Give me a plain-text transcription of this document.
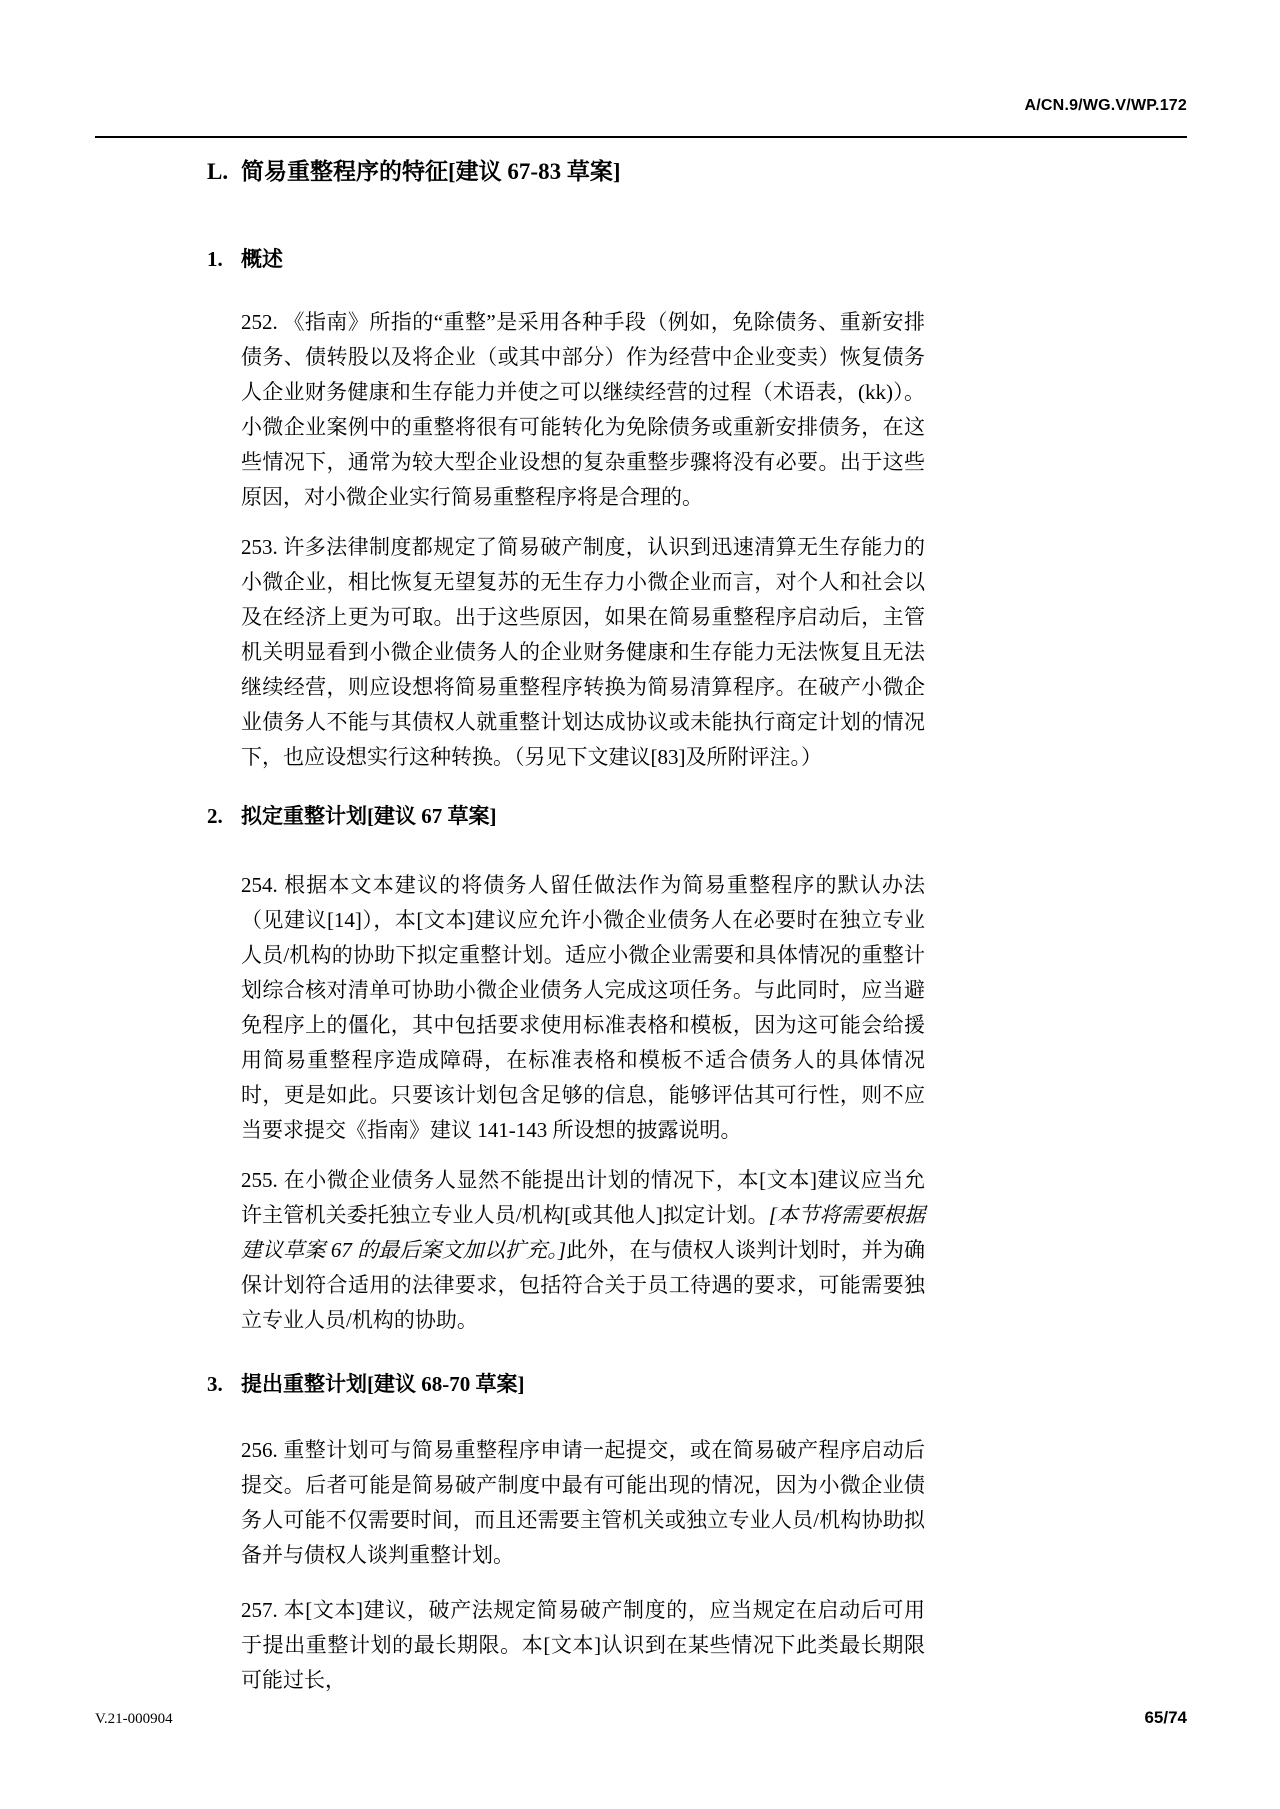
A/CN.9/WG.V/WP.172
L. 简易重整程序的特征[建议 67-83 草案]
1. 概述

252. 《指南》所指的“重整”是采用各种手段（例如，免除债务、重新安排债务、债转股以及将企业（或其中部分）作为经营中企业变卖）恢复债务人企业财务健康和生存能力并使之可以继续经营的过程（术语表，(kk)）。小微企业案例中的重整将很有可能转化为免除债务或重新安排债务，在这些情况下，通常为较大型企业设想的复杂重整步骤将没有必要。出于这些原因，对小微企业实行简易重整程序将是合理的。

253. 许多法律制度都规定了简易破产制度，认识到迅速清算无生存能力的小微企业，相比恢复无望复苏的无生存力小微企业而言，对个人和社会以及在经济上更为可取。出于这些原因，如果在简易重整程序启动后，主管机关明显看到小微企业债务人的企业财务健康和生存能力无法恢复且无法继续经营，则应设想将简易重整程序转换为简易清算程序。在破产小微企业债务人不能与其债权人就重整计划达成协议或未能执行商定计划的情况下，也应设想实行这种转换。（另见下文建议[83]及所附评注。）

2. 拟定重整计划[建议 67 草案]

254. 根据本文本建议的将债务人留任做法作为简易重整程序的默认办法（见建议[14]），本[文本]建议应允许小微企业债务人在必要时在独立专业人员/机构的协助下拟定重整计划。适应小微企业需要和具体情况的重整计划综合核对清单可协助小微企业债务人完成这项任务。与此同时，应当避免程序上的僵化，其中包括要求使用标准表格和模板，因为这可能会给援用简易重整程序造成障碍，在标准表格和模板不适合债务人的具体情况时，更是如此。只要该计划包含足够的信息，能够评估其可行性，则不应当要求提交《指南》建议 141-143 所设想的披露说明。

255. 在小微企业债务人显然不能提出计划的情况下，本[文本]建议应当允许主管机关委托独立专业人员/机构[或其他人]拟定计划。[本节将需要根据建议草案 67 的最后案文加以扩充。]此外，在与债权人谈判计划时，并为确保计划符合适用的法律要求，包括符合关于员工待遇的要求，可能需要独立专业人员/机构的协助。

3. 提出重整计划[建议 68-70 草案]

256. 重整计划可与简易重整程序申请一起提交，或在简易破产程序启动后提交。后者可能是简易破产制度中最有可能出现的情况，因为小微企业债务人可能不仅需要时间，而且还需要主管机关或独立专业人员/机构协助拟备并与债权人谈判重整计划。

257. 本[文本]建议，破产法规定简易破产制度的，应当规定在启动后可用于提出重整计划的最长期限。本[文本]认识到在某些情况下此类最长期限可能过长，

V.21-000904	65/74
